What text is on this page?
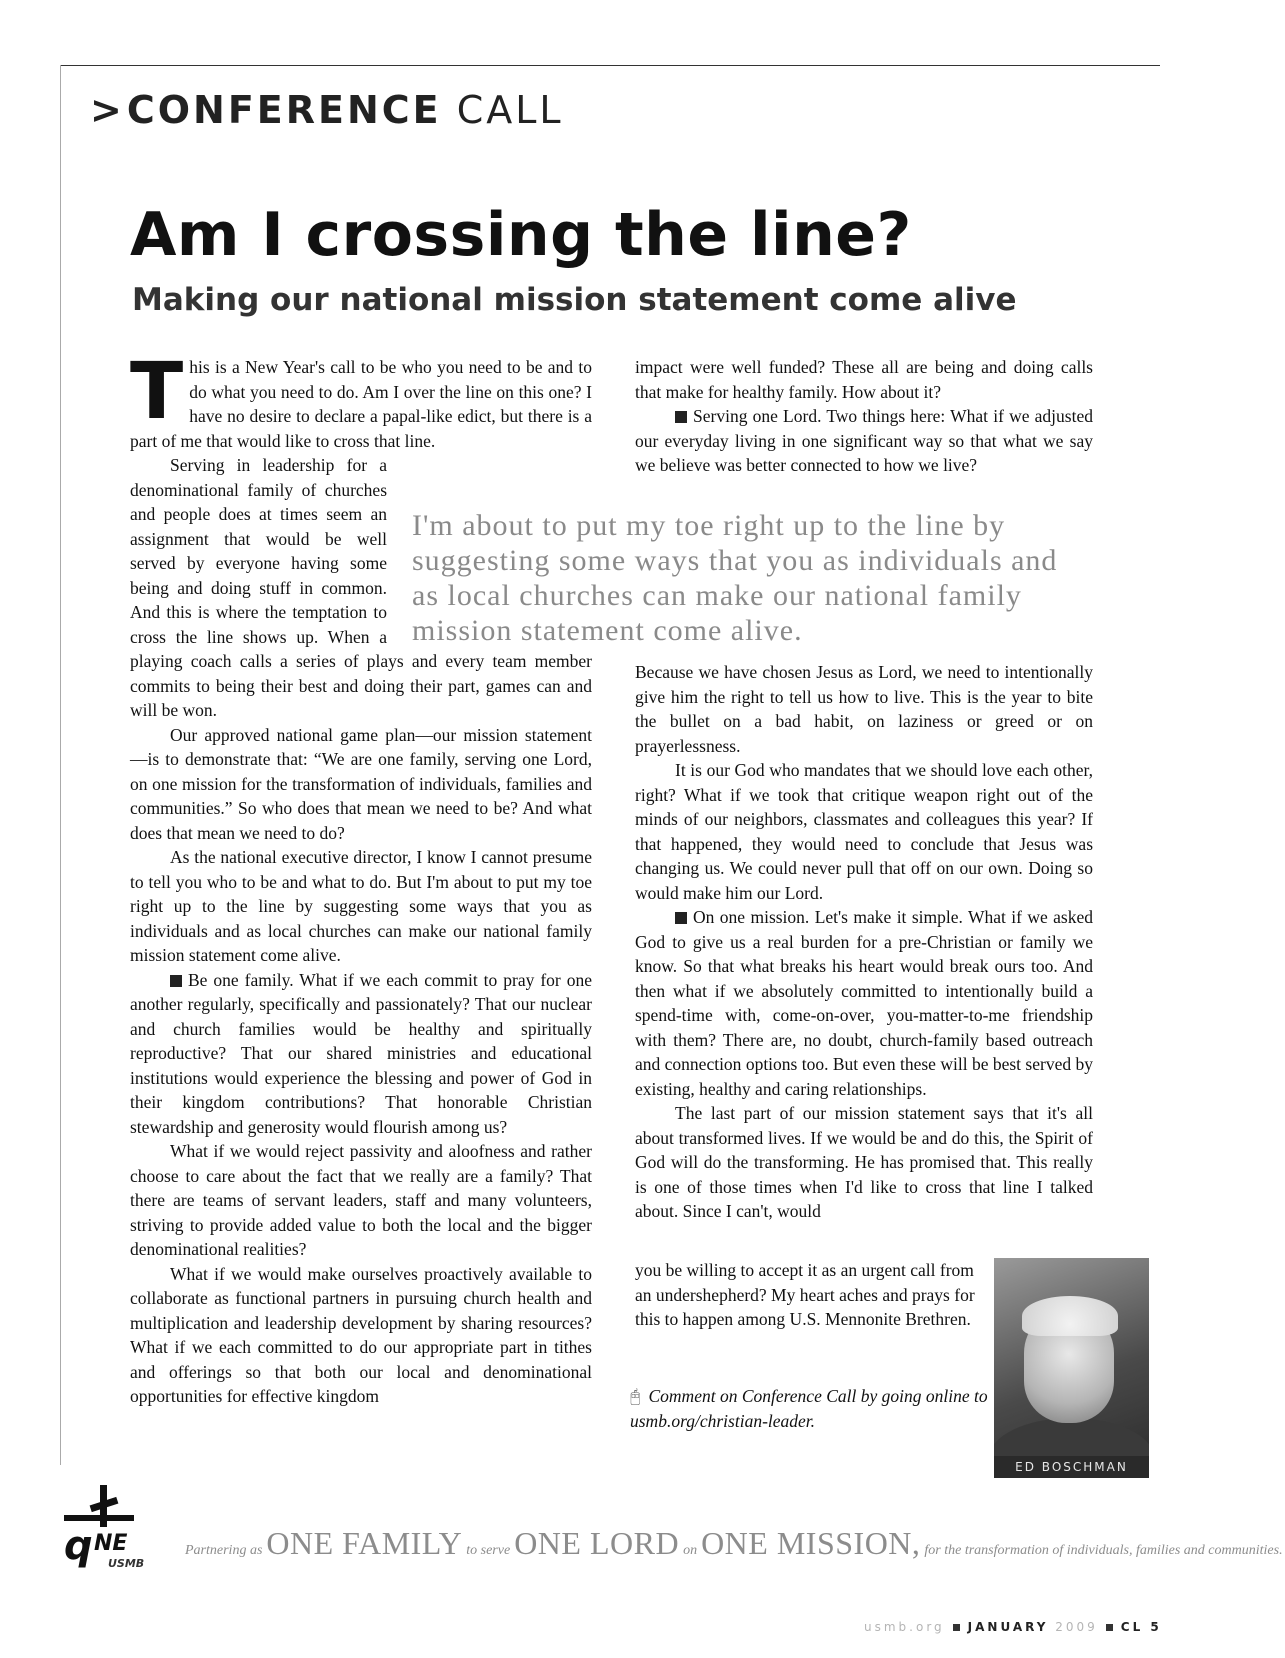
>CONFERENCE CALL
Am I crossing the line?
Making our national mission statement come alive

This is a New Year's call to be who you need to be and to do what you need to do. Am I over the line on this one? I have no desire to declare a papal-like edict, but there is a part of me that would like to cross that line.

Serving in leadership for a denominational family of churches and people does at times seem an assignment that would be well served by everyone having some being and doing stuff in common. And this is where the temptation to cross the line shows up. When a playing coach calls a series of plays and every team member commits to being their best and doing their part, games can and will be won.

Our approved national game plan—our mission statement—is to demonstrate that: “We are one family, serving one Lord, on one mission for the transformation of individuals, families and communities.” So who does that mean we need to be? And what does that mean we need to do?

As the national executive director, I know I cannot presume to tell you who to be and what to do. But I'm about to put my toe right up to the line by suggesting some ways that you as individuals and as local churches can make our national family mission statement come alive.

Be one family. What if we each commit to pray for one another regularly, specifically and passionately? That our nuclear and church families would be healthy and spiritually reproductive? That our shared ministries and educational institutions would experience the blessing and power of God in their kingdom contributions? That honorable Christian stewardship and generosity would flourish among us?

What if we would reject passivity and aloofness and rather choose to care about the fact that we really are a family? That there are teams of servant leaders, staff and many volunteers, striving to provide added value to both the local and the bigger denominational realities?

What if we would make ourselves proactively available to collaborate as functional partners in pursuing church health and multiplication and leadership development by sharing resources? What if we each committed to do our appropriate part in tithes and offerings so that both our local and denominational opportunities for effective kingdom

impact were well funded? These all are being and doing calls that make for healthy family. How about it?

Serving one Lord. Two things here: What if we adjusted our everyday living in one significant way so that what we say we believe was better connected to how we live?

I'm about to put my toe right up to the line by suggesting some ways that you as individuals and as local churches can make our national family mission statement come alive.

Because we have chosen Jesus as Lord, we need to intentionally give him the right to tell us how to live. This is the year to bite the bullet on a bad habit, on laziness or greed or on prayerlessness.

It is our God who mandates that we should love each other, right? What if we took that critique weapon right out of the minds of our neighbors, classmates and colleagues this year? If that happened, they would need to conclude that Jesus was changing us. We could never pull that off on our own. Doing so would make him our Lord.

On one mission. Let's make it simple. What if we asked God to give us a real burden for a pre-Christian or family we know. So that what breaks his heart would break ours too. And then what if we absolutely committed to intentionally build a spend-time with, come-on-over, you-matter-to-me friendship with them? There are, no doubt, church-family based outreach and connection options too. But even these will be best served by existing, healthy and caring relationships.

The last part of our mission statement says that it's all about transformed lives. If we would be and do this, the Spirit of God will do the transforming. He has promised that. This really is one of those times when I'd like to cross that line I talked about. Since I can't, would

you be willing to accept it as an urgent call from an undershepherd? My heart aches and prays for this to happen among U.S. Mennonite Brethren.

ED BOSCHMAN
🖰 Comment on Conference Call by going online to usmb.org/christian-leader.
q NE
USMB
Partnering as ONE FAMILY to serve ONE LORD on ONE MISSION, for the transformation of individuals, families and communities.
usmb.org JANUARY 2009 CL 5
